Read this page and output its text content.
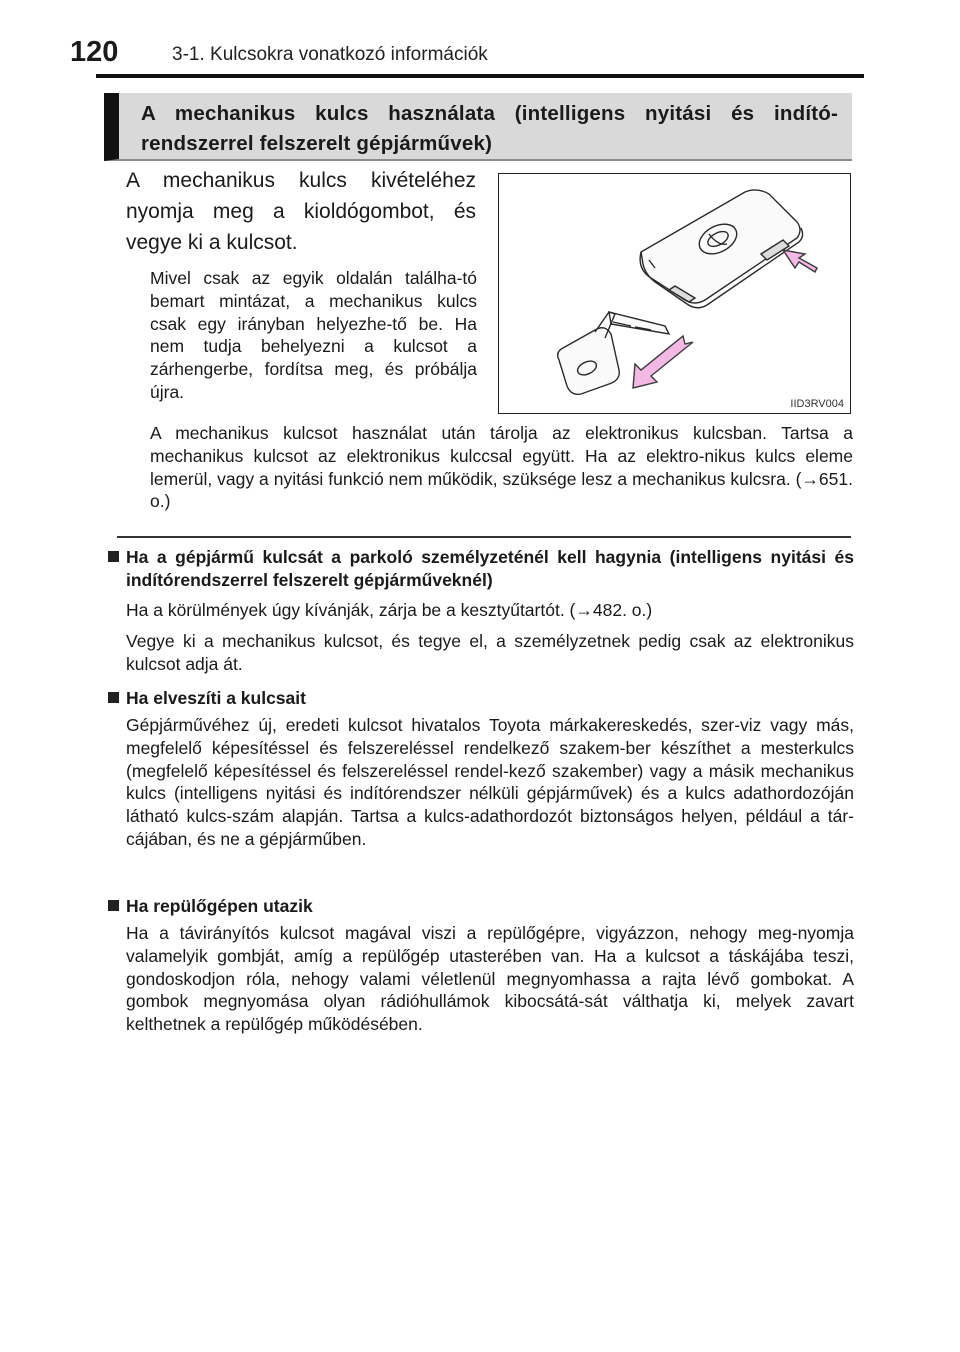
120	3-1. Kulcsokra vonatkozó információk
A mechanikus kulcs használata (intelligens nyitási és indító-rendszerrel felszerelt gépjárművek)
A mechanikus kulcs kivételéhez nyomja meg a kioldógombot, és vegye ki a kulcsot.
Mivel csak az egyik oldalán találha-tó bemart mintázat, a mechanikus kulcs csak egy irányban helyezhe-tő be. Ha nem tudja behelyezni a kulcsot a zárhengerbe, fordítsa meg, és próbálja újra.
IID3RV004
A mechanikus kulcsot használat után tárolja az elektronikus kulcsban. Tartsa a mechanikus kulcsot az elektronikus kulccsal együtt. Ha az elektro-nikus kulcs eleme lemerül, vagy a nyitási funkció nem működik, szüksége lesz a mechanikus kulcsra. (→651. o.)
Ha a gépjármű kulcsát a parkoló személyzeténél kell hagynia (intelligens nyitási és indítórendszerrel felszerelt gépjárműveknél)
Ha a körülmények úgy kívánják, zárja be a kesztyűtartót. (→482. o.)
Vegye ki a mechanikus kulcsot, és tegye el, a személyzetnek pedig csak az elektronikus kulcsot adja át.
Ha elveszíti a kulcsait
Gépjárművéhez új, eredeti kulcsot hivatalos Toyota márkakereskedés, szer-viz vagy más, megfelelő képesítéssel és felszereléssel rendelkező szakem-ber készíthet a mesterkulcs (megfelelő képesítéssel és felszereléssel rendel-kező szakember) vagy a másik mechanikus kulcs (intelligens nyitási és indítórendszer nélküli gépjárművek) és a kulcs adathordozóján látható kulcs-szám alapján. Tartsa a kulcs-adathordozót biztonságos helyen, például a tár-cájában, és ne a gépjárműben.
Ha repülőgépen utazik
Ha a távirányítós kulcsot magával viszi a repülőgépre, vigyázzon, nehogy meg-nyomja valamelyik gombját, amíg a repülőgép utasterében van. Ha a kulcsot a táskájába teszi, gondoskodjon róla, nehogy valami véletlenül megnyomhassa a rajta lévő gombokat. A gombok megnyomása olyan rádióhullámok kibocsátá-sát válthatja ki, melyek zavart kelthetnek a repülőgép működésében.
